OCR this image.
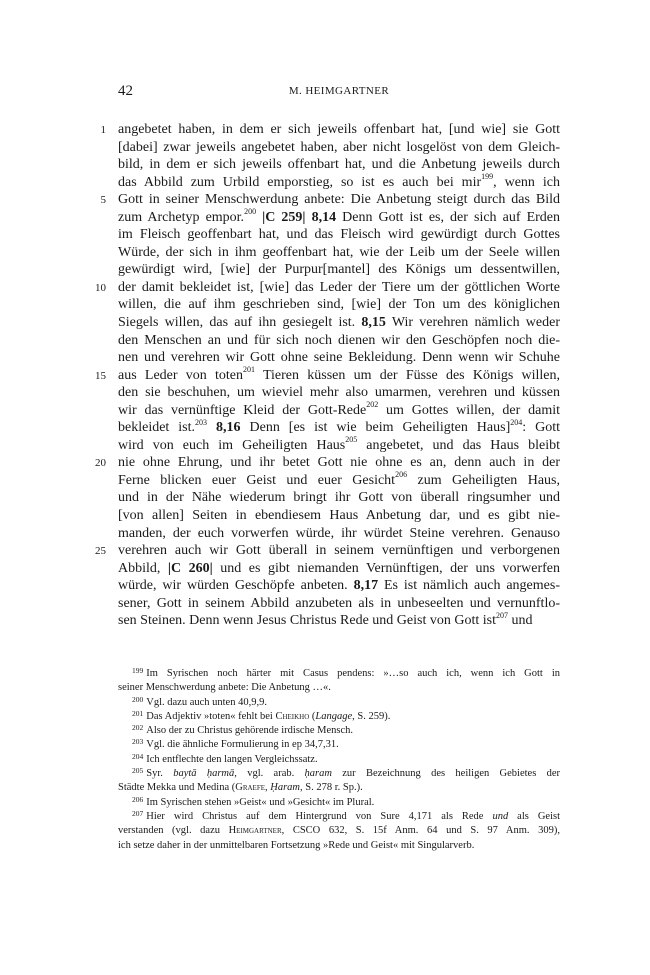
42	M. HEIMGARTNER
1 angebetet haben, in dem er sich jeweils offenbart hat, [und wie] sie Gott
[dabei] zwar jeweils angebetet haben, aber nicht losgelöst von dem Gleich-
bild, in dem er sich jeweils offenbart hat, und die Anbetung jeweils durch
das Abbild zum Urbild emporstieg, so ist es auch bei mir$^{199}$, wenn ich
5 Gott in seiner Menschwerdung anbete: Die Anbetung steigt durch das Bild
zum Archetyp empor.$^{200}$ |C 259| 8,14 Denn Gott ist es, der sich auf Erden
im Fleisch geoffenbart hat, und das Fleisch wird gewürdigt durch Gottes
Würde, der sich in ihm geoffenbart hat, wie der Leib um der Seele willen
gewürdigt wird, [wie] der Purpur[mantel] des Königs um dessentwillen,
10 der damit bekleidet ist, [wie] das Leder der Tiere um der göttlichen Worte
willen, die auf ihm geschrieben sind, [wie] der Ton um des königlichen
Siegels willen, das auf ihn gesiegelt ist. 8,15 Wir verehren nämlich weder
den Menschen an und für sich noch dienen wir den Geschöpfen noch die-
nen und verehren wir Gott ohne seine Bekleidung. Denn wenn wir Schuhe
15 aus Leder von toten$^{201}$ Tieren küssen um der Füsse des Königs willen,
den sie beschuhen, um wieviel mehr also umarmen, verehren und küssen
wir das vernünftige Kleid der Gott-Rede$^{202}$ um Gottes willen, der damit
bekleidet ist.$^{203}$ 8,16 Denn [es ist wie beim Geheiligten Haus]$^{204}$: Gott
wird von euch im Geheiligten Haus$^{205}$ angebetet, und das Haus bleibt
20 nie ohne Ehrung, und ihr betet Gott nie ohne es an, denn auch in der
Ferne blicken euer Geist und euer Gesicht$^{206}$ zum Geheiligten Haus,
und in der Nähe wiederum bringt ihr Gott von überall ringsumher und
[von allen] Seiten in ebendiesem Haus Anbetung dar, und es gibt nie-
manden, der euch vorwerfen würde, ihr würdet Steine verehren. Genauso
25 verehren auch wir Gott überall in seinem vernünftigen und verborgenen
Abbild, |C 260| und es gibt niemanden Vernünftigen, der uns vorwerfen
würde, wir würden Geschöpfe anbeten. 8,17 Es ist nämlich auch angemes-
sener, Gott in seinem Abbild anzubeten als in unbeseelten und vernunftlo-
sen Steinen. Denn wenn Jesus Christus Rede und Geist von Gott ist$^{207}$ und
$^{199}$ Im Syrischen noch härter mit Casus pendens: »…so auch ich, wenn ich Gott in
seiner Menschwerdung anbete: Die Anbetung …«.
$^{200}$ Vgl. dazu auch unten 40,9,9.
$^{201}$ Das Adjektiv »toten« fehlt bei Cheikho (Langage, S. 259).
$^{202}$ Also der zu Christus gehörende irdische Mensch.
$^{203}$ Vgl. die ähnliche Formulierung in ep 34,7,31.
$^{204}$ Ich entflechte den langen Vergleichssatz.
$^{205}$ Syr. baytā ḥarmā, vgl. arab. ḥaram zur Bezeichnung des heiligen Gebietes der
Städte Mekka und Medina (Graefe, Ḥaram, S. 278 r. Sp.).
$^{206}$ Im Syrischen stehen »Geist« und »Gesicht« im Plural.
$^{207}$ Hier wird Christus auf dem Hintergrund von Sure 4,171 als Rede und als Geist
verstanden (vgl. dazu Heimgartner, CSCO 632, S. 15f Anm. 64 und S. 97 Anm. 309),
ich setze daher in der unmittelbaren Fortsetzung »Rede und Geist« mit Singularverb.
